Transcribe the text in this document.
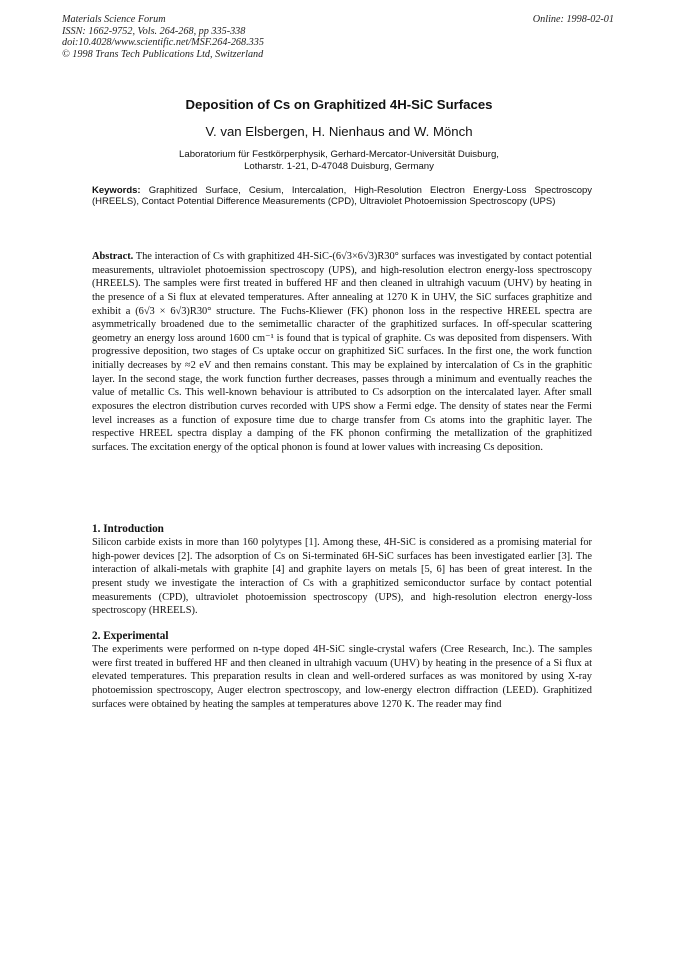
Materials Science Forum
ISSN: 1662-9752, Vols. 264-268, pp 335-338
doi:10.4028/www.scientific.net/MSF.264-268.335
© 1998 Trans Tech Publications Ltd, Switzerland
Online: 1998-02-01
Deposition of Cs on Graphitized 4H-SiC Surfaces
V. van Elsbergen, H. Nienhaus and W. Mönch
Laboratorium für Festkörperphysik, Gerhard-Mercator-Universität Duisburg,
Lotharstr. 1-21, D-47048 Duisburg, Germany
Keywords: Graphitized Surface, Cesium, Intercalation, High-Resolution Electron Energy-Loss Spectroscopy (HREELS), Contact Potential Difference Measurements (CPD), Ultraviolet Photoemission Spectroscopy (UPS)
Abstract. The interaction of Cs with graphitized 4H-SiC-(6√3×6√3)R30° surfaces was investigated by contact potential measurements, ultraviolet photoemission spectroscopy (UPS), and high-resolution electron energy-loss spectroscopy (HREELS). The samples were first treated in buffered HF and then cleaned in ultrahigh vacuum (UHV) by heating in the presence of a Si flux at elevated temperatures. After annealing at 1270 K in UHV, the SiC surfaces graphitize and exhibit a (6√3 × 6√3)R30° structure. The Fuchs-Kliewer (FK) phonon loss in the respective HREEL spectra are asymmetrically broadened due to the semimetallic character of the graphitized surfaces. In off-specular scattering geometry an energy loss around 1600 cm⁻¹ is found that is typical of graphite. Cs was deposited from dispensers. With progressive deposition, two stages of Cs uptake occur on graphitized SiC surfaces. In the first one, the work function initially decreases by ≈2 eV and then remains constant. This may be explained by intercalation of Cs in the graphitic layer. In the second stage, the work function further decreases, passes through a minimum and eventually reaches the value of metallic Cs. This well-known behaviour is attributed to Cs adsorption on the intercalated layer. After small exposures the electron distribution curves recorded with UPS show a Fermi edge. The density of states near the Fermi level increases as a function of exposure time due to charge transfer from Cs atoms into the graphitic layer. The respective HREEL spectra display a damping of the FK phonon confirming the metallization of the graphitized surfaces. The excitation energy of the optical phonon is found at lower values with increasing Cs deposition.
1. Introduction
Silicon carbide exists in more than 160 polytypes [1]. Among these, 4H-SiC is considered as a promising material for high-power devices [2]. The adsorption of Cs on Si-terminated 6H-SiC surfaces has been investigated earlier [3]. The interaction of alkali-metals with graphite [4] and graphite layers on metals [5, 6] has been of great interest. In the present study we investigate the interaction of Cs with a graphitized semiconductor surface by contact potential measurements (CPD), ultraviolet photoemission spectroscopy (UPS), and high-resolution electron energy-loss spectroscopy (HREELS).
2. Experimental
The experiments were performed on n-type doped 4H-SiC single-crystal wafers (Cree Research, Inc.). The samples were first treated in buffered HF and then cleaned in ultrahigh vacuum (UHV) by heating in the presence of a Si flux at elevated temperatures. This preparation results in clean and well-ordered surfaces as was monitored by using X-ray photoemission spectroscopy, Auger electron spectroscopy, and low-energy electron diffraction (LEED). Graphitized surfaces were obtained by heating the samples at temperatures above 1270 K. The reader may find
